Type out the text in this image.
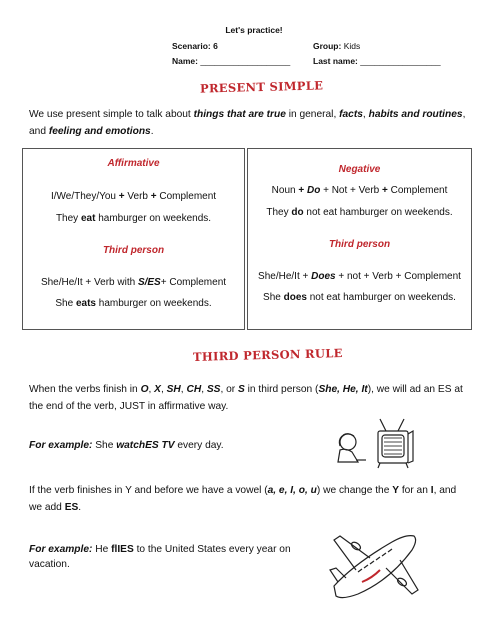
Let's practice!
Scenario: 6	Group: Kids
Name: ___________________	Last name: _________________
PRESENT SIMPLE
We use present simple to talk about things that are true in general, facts, habits and routines,
and feeling and emotions.
Affirmative
I/We/They/You + Verb + Complement
They eat hamburger on weekends.
Third person
She/He/It + Verb with S/ES+ Complement
She eats hamburger on weekends.
Negative
Noun + Do + Not + Verb + Complement
They do not eat hamburger on weekends.
Third person
She/He/It + Does + not + Verb + Complement
She does not eat hamburger on weekends.
THIRD PERSON RULE
When the verbs finish in O, X, SH, CH, SS, or S in third person (She, He, It), we will ad an ES at
the end of the verb, JUST in affirmative way.
For example: She watchES TV every day.
If the verb finishes in Y and before we have a vowel (a, e, I, o, u) we change the Y for an I, and
we add ES.
For example: He flIES to the United States every year on
vacation.
